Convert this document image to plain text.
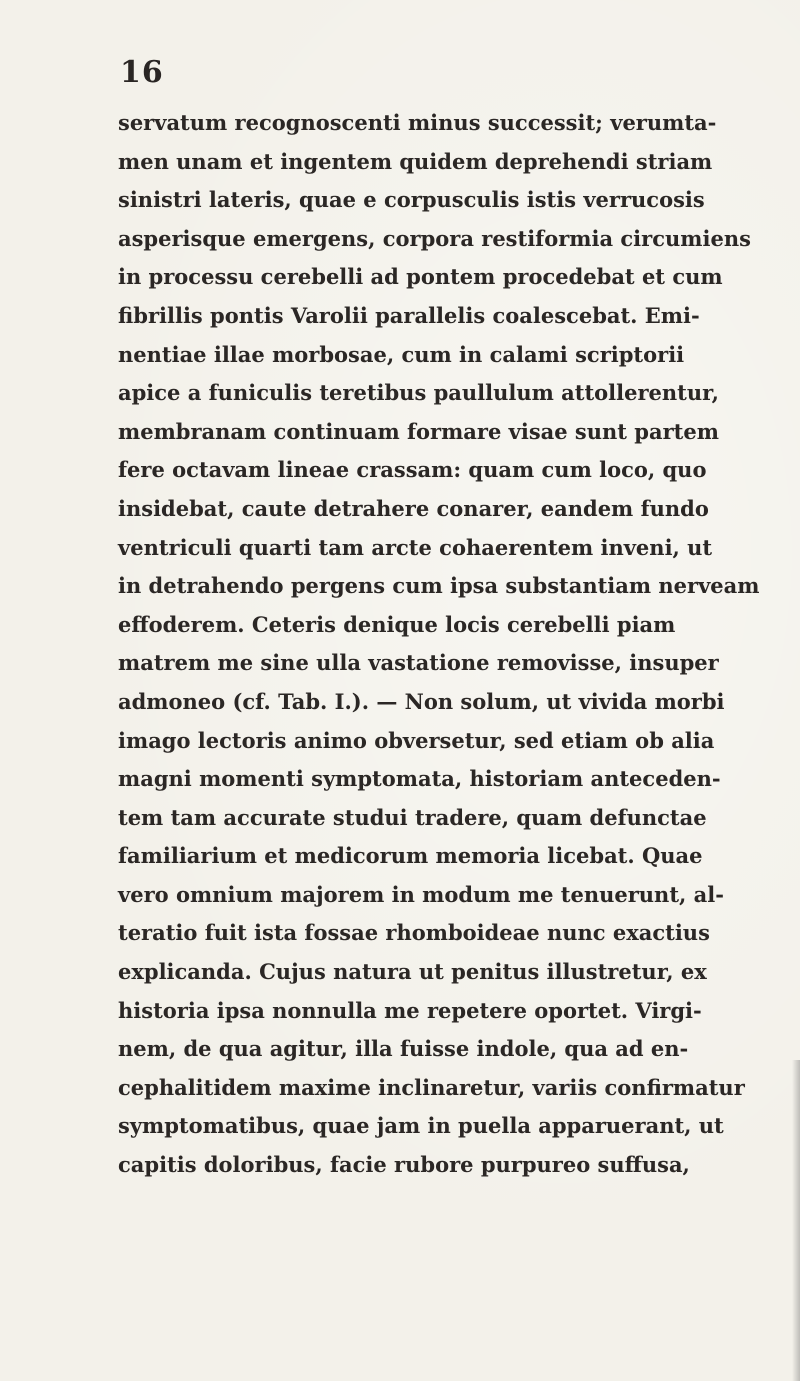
16
servatum recognoscenti minus successit; verumta-
men unam et ingentem quidem deprehendi striam
sinistri lateris, quae e corpusculis istis verrucosis
asperisque emergens, corpora restiformia circumiens
in processu cerebelli ad pontem procedebat et cum
fibrillis pontis Varolii parallelis coalescebat. Emi-
nentiae illae morbosae, cum in calami scriptorii
apice a funiculis teretibus paullulum attollerentur,
membranam continuam formare visae sunt partem
fere octavam lineae crassam: quam cum loco, quo
insidebat, caute detrahere conarer, eandem fundo
ventriculi quarti tam arcte cohaerentem inveni, ut
in detrahendo pergens cum ipsa substantiam nerveam
effoderem. Ceteris denique locis cerebelli piam
matrem me sine ulla vastatione removisse, insuper
admoneo (cf. Tab. I.). — Non solum, ut vivida morbi
imago lectoris animo obversetur, sed etiam ob alia
magni momenti symptomata, historiam anteceden-
tem tam accurate studui tradere, quam defunctae
familiarium et medicorum memoria licebat. Quae
vero omnium majorem in modum me tenuerunt, al-
teratio fuit ista fossae rhomboideae nunc exactius
explicanda. Cujus natura ut penitus illustretur, ex
historia ipsa nonnulla me repetere oportet. Virgi-
nem, de qua agitur, illa fuisse indole, qua ad en-
cephalitidem maxime inclinaretur, variis confirmatur
symptomatibus, quae jam in puella apparuerant, ut
capitis doloribus, facie rubore purpureo suffusa,
